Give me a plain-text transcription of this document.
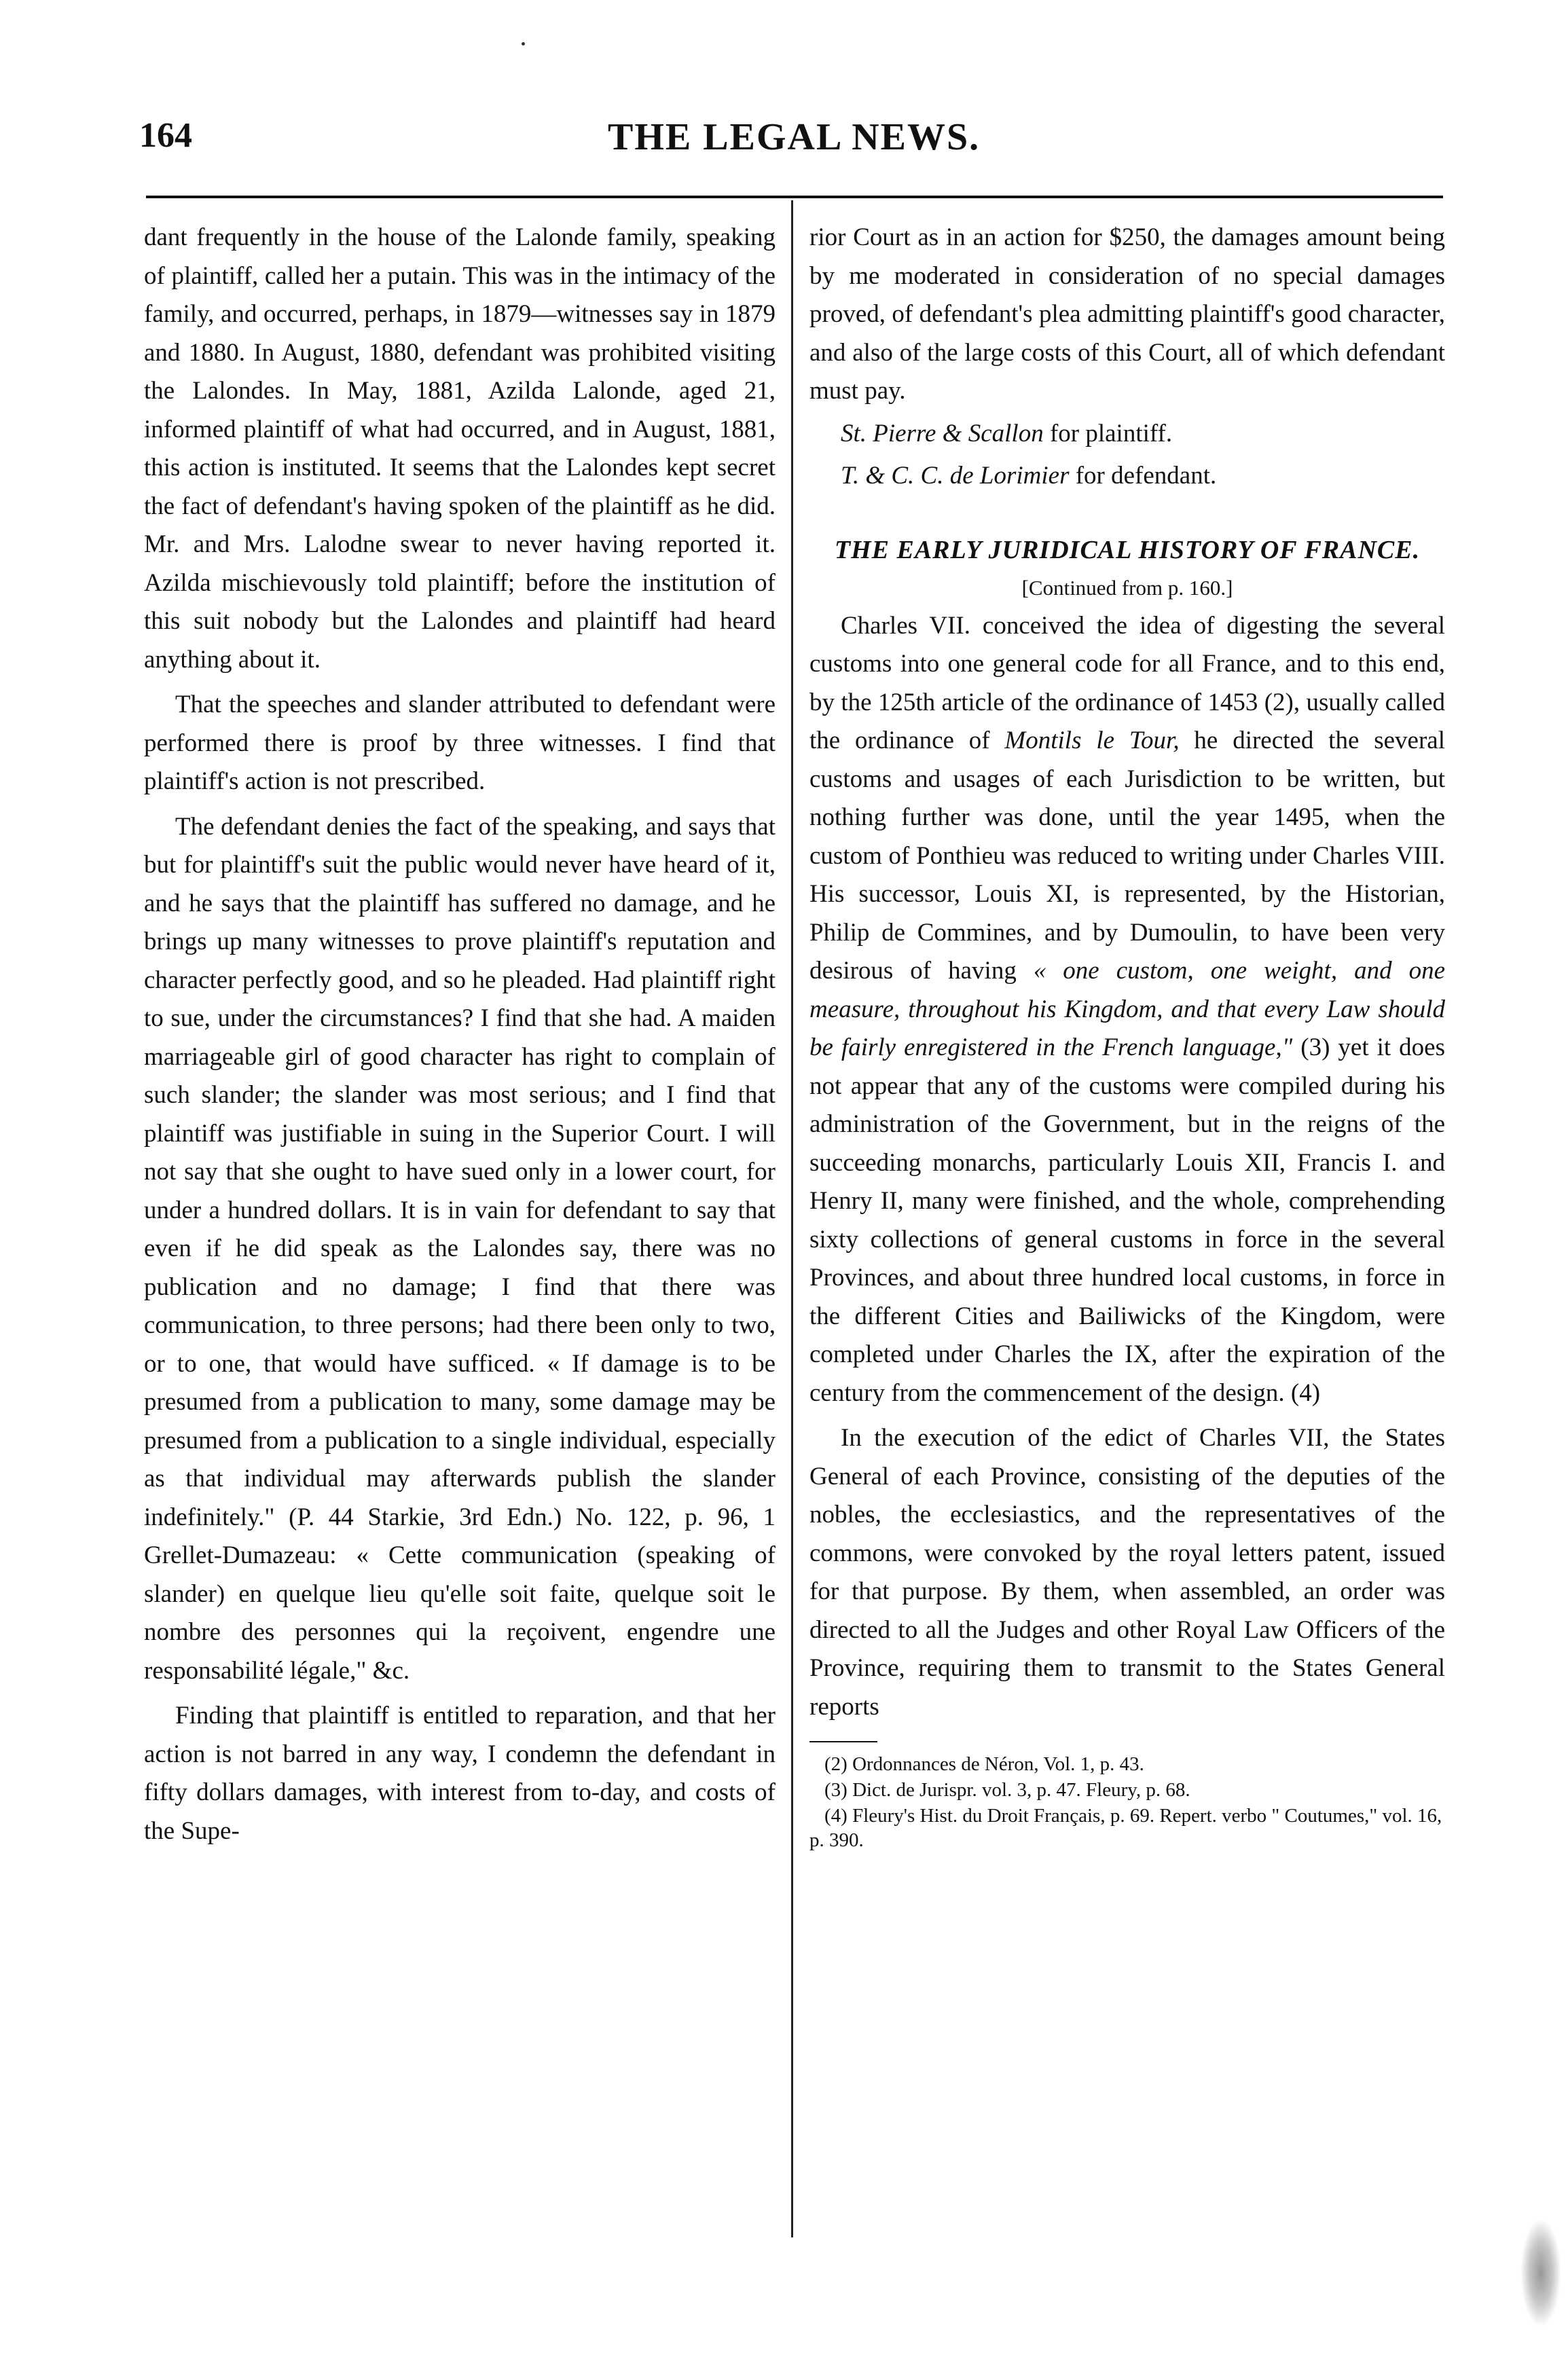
164	THE LEGAL NEWS.

dant frequently in the house of the Lalonde family, speaking of plaintiff, called her a putain. This was in the intimacy of the family, and occurred, perhaps, in 1879—witnesses say in 1879 and 1880. In August, 1880, defendant was prohibited visiting the Lalondes. In May, 1881, Azilda Lalonde, aged 21, informed plaintiff of what had occurred, and in August, 1881, this action is instituted. It seems that the Lalondes kept secret the fact of defendant's having spoken of the plaintiff as he did. Mr. and Mrs. Lalodne swear to never having reported it. Azilda mischievously told plaintiff; before the institution of this suit nobody but the Lalondes and plaintiff had heard anything about it.

That the speeches and slander attributed to defendant were performed there is proof by three witnesses. I find that plaintiff's action is not prescribed.

The defendant denies the fact of the speaking, and says that but for plaintiff's suit the public would never have heard of it, and he says that the plaintiff has suffered no damage, and he brings up many witnesses to prove plaintiff's reputation and character perfectly good, and so he pleaded. Had plaintiff right to sue, under the circumstances? I find that she had. A maiden marriageable girl of good character has right to complain of such slander; the slander was most serious; and I find that plaintiff was justifiable in suing in the Superior Court. I will not say that she ought to have sued only in a lower court, for under a hundred dollars. It is in vain for defendant to say that even if he did speak as the Lalondes say, there was no publication and no damage; I find that there was communication, to three persons; had there been only to two, or to one, that would have sufficed. « If damage is to be presumed from a publication to many, some damage may be presumed from a publication to a single individual, especially as that individual may afterwards publish the slander indefinitely." (P. 44 Starkie, 3rd Edn.) No. 122, p. 96, 1 Grellet-Dumazeau: « Cette communication (speaking of slander) en quelque lieu qu'elle soit faite, quelque soit le nombre des personnes qui la reçoivent, engendre une responsabilité légale," &c.

Finding that plaintiff is entitled to reparation, and that her action is not barred in any way, I condemn the defendant in fifty dollars damages, with interest from to-day, and costs of the Supe-

rior Court as in an action for $250, the damages amount being by me moderated in consideration of no special damages proved, of defendant's plea admitting plaintiff's good character, and also of the large costs of this Court, all of which defendant must pay.

St. Pierre & Scallon for plaintiff.

T. & C. C. de Lorimier for defendant.

THE EARLY JURIDICAL HISTORY OF FRANCE.

[Continued from p. 160.]

Charles VII. conceived the idea of digesting the several customs into one general code for all France, and to this end, by the 125th article of the ordinance of 1453 (2), usually called the ordinance of Montils le Tour, he directed the several customs and usages of each Jurisdiction to be written, but nothing further was done, until the year 1495, when the custom of Ponthieu was reduced to writing under Charles VIII. His successor, Louis XI, is represented, by the Historian, Philip de Commines, and by Dumoulin, to have been very desirous of having « one custom, one weight, and one measure, throughout his Kingdom, and that every Law should be fairly enregistered in the French language," (3) yet it does not appear that any of the customs were compiled during his administration of the Government, but in the reigns of the succeeding monarchs, particularly Louis XII, Francis I. and Henry II, many were finished, and the whole, comprehending sixty collections of general customs in force in the several Provinces, and about three hundred local customs, in force in the different Cities and Bailiwicks of the Kingdom, were completed under Charles the IX, after the expiration of the century from the commencement of the design. (4)

In the execution of the edict of Charles VII, the States General of each Province, consisting of the deputies of the nobles, the ecclesiastics, and the representatives of the commons, were convoked by the royal letters patent, issued for that purpose. By them, when assembled, an order was directed to all the Judges and other Royal Law Officers of the Province, requiring them to transmit to the States General reports

(2) Ordonnances de Néron, Vol. 1, p. 43.

(3) Dict. de Jurispr. vol. 3, p. 47. Fleury, p. 68.

(4) Fleury's Hist. du Droit Français, p. 69. Repert. verbo " Coutumes," vol. 16, p. 390.
